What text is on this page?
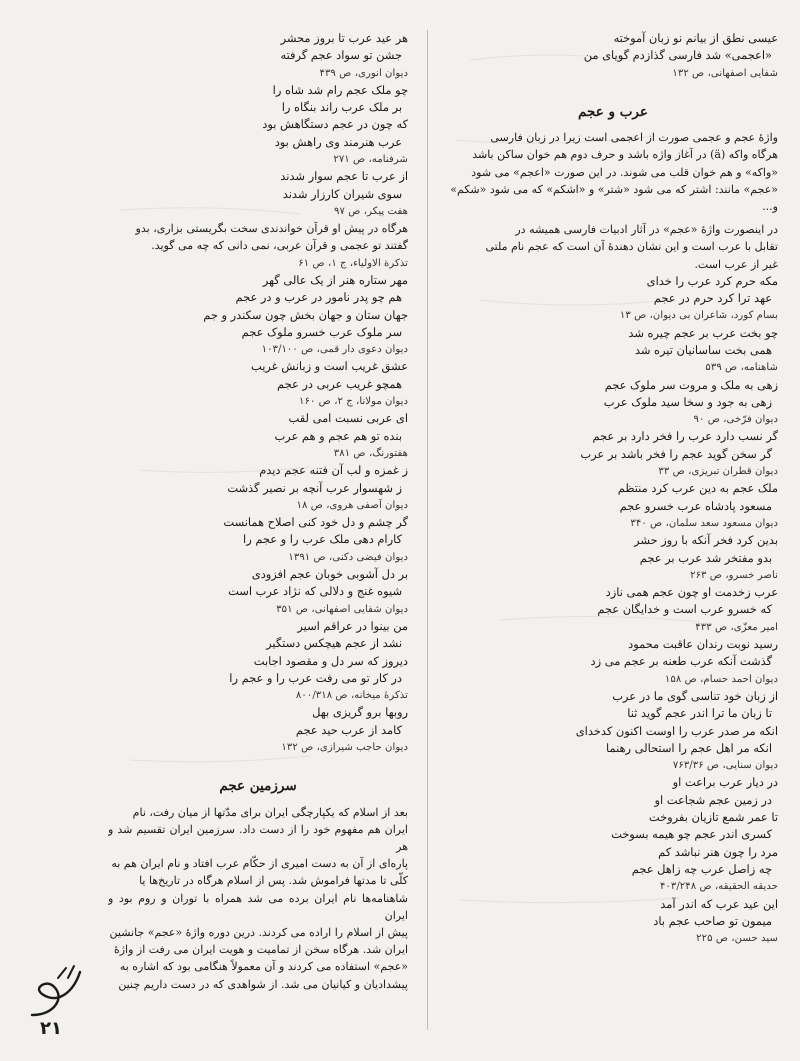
عیسی نطق از بیانم نو زبان آموخته
«اعجمی» شد فارسی گذازدم گویای من
شفایی اصفهانی، ص ۱۳۲
عرب و عجم
واژهٔ عجم و عجمی صورت از اعجمی است زیرا در زبان فارسی
هرگاه واکه (ä) در آغاز واژه باشد و حرف دوم هم خوان ساکن باشد
«واکه» و هم خوان قلب می شوند. در این صورت «اعجم» می شود
«عجم» مانند: اشتر که می شود «شتر» و «اشکم» که می شود «شکم»
و...
در اینصورت واژهٔ «عجم» در آثار ادبیات فارسی همیشه در
تقابل با عرب است و این نشان دهندهٔ آن است که عجم نام ملتی
غیر از عرب است.
مکه حرم کرد عرب را خدای
عهد ترا کرد حرم در عجم
بسام کورد، شاعران بی دیوان، ص ۱۳
چو بخت عرب بر عجم چیره شد
همی بخت ساسانیان تیره شد
شاهنامه، ص ۵۳۹
زهی به ملک و مروت سر ملوک عجم
زهی به جود و سخا سید ملوک عرب
دیوان فرّخی، ص ۹۰
گر نسب دارد عرب را فخر دارد بر عجم
گر سخن گوید عجم را فخر باشد بر عرب
دیوان قطران تبریزی، ص ۳۳
ملک عجم به دین عرب کرد منتظم
مسعود پادشاه عرب خسرو عجم
دیوان مسعود سعد سلمان، ص ۳۴۰
بدین کرد فخر آنکه با روز حشر
بدو مفتخر شد عرب بر عجم
ناصر خسرو، ص ۲۶۳
عرب زخدمت او چون عجم همی نازد
که خسرو عرب است و خدایگان عجم
امیر معزّی، ص ۴۳۳
رسید نوبت رندان عاقبت محمود
گذشت آنکه عرب طعنه بر عجم می زد
دیوان احمد حسام، ص ۱۵۸
از زبان خود تناسی گوی ما در عرب
تا زبان ما ترا اندر عجم گوید ثنا
انکه مر صدر عرب را اوست اکنون کدخدای
انکه مر اهل عجم را استحالی رهنما
دیوان سنایی، ص ۷۶۳/۳۶
در دیار عرب براعت او
در زمین عجم شجاعت او
تا عمر شمع تازیان بفروخت
کسری اندر عجم چو هیمه بسوخت
مرد را چون هنر نباشد کم
چه زاصل عرب چه زاهل عجم
حدیقه الحقیقه، ص ۴۰۳/۲۴۸
این عید عرب که اندر آمد
میمون تو صاحب عجم باد
سید حسن، ص ۲۲۵
هر عید عرب تا بروز محشر
جشن تو سواد عجم گرفته
دیوان انوری، ص ۴۳۹
چو ملک عجم رام شد شاه را
بر ملک عرب راند بنگاه را
که چون در عجم دستگاهش بود
عرب هنرمند وی راهش بود
شرفنامه، ص ۲۷۱
از عرب تا عجم سوار شدند
سوی شیران کارزار شدند
هفت پیکر، ص ۹۷
هرگاه در پیش او قرآن خواندندی سخت بگریستی بزاری، بدو
گفتند تو عجمی و قرآن عربی، نمی دانی که چه می گوید.
تذکرة الاولیاء، ج ۱، ص ۶۱
مهر ستاره هنر از یک عالی گهر
هم چو پدر نامور در عرب و در عجم
جهان ستان و جهان بخش چون سکندر و جم
سر ملوک عرب خسرو ملوک عجم
دیوان دعوی دار قمی، ص ۱۰۳/۱۰۰
عشق غریب است و زبانش غریب
همچو غریب عربی در عجم
دیوان مولانا، ج ۲، ص ۱۶۰
ای عربی نسبت امی لقب
بنده تو هم عجم و هم عرب
هفتورنگ، ص ۳۸۱
ز غمزه و لب آن فتنه عجم دیدم
ز شهسوار عرب آنچه بر نصیر گذشت
دیوان آصفی هروی، ص ۱۸
گر چشم و دل خود کنی اصلاح همانست
کارام دهی ملک عرب را و عجم را
دیوان فیضی دکنی، ص ۱۳۹۱
بر دل آشوبی خوبان عجم افزودی
شیوه غنج و دلالی که نژاد عرب است
دیوان شفایی اصفهانی، ص ۳۵۱
من بینوا در عراقم اسیر
نشد از عجم هیچکس دستگیر
دیروز که سر دل و مقصود اجابت
در کار تو می رفت عرب را و عجم را
تذکرهٔ میخانه، ص ۸۰۰/۳۱۸
روبها برو گریزی بهل
کامد از عرب حید عجم
دیوان حاجب شیرازی، ص ۱۳۲
سرزمین عجم
بعد از اسلام که یکپارچگی ایران برای مدّتها از میان رفت، نام
ایران هم مفهوم خود را از دست داد. سرزمین ایران تقسیم شد و هر
پاره‌ای از آن به دست امیری از حکّام عرب افتاد و نام ایران هم به
کلّی تا مدتها فراموش شد. پس از اسلام هرگاه در تاریخ‌ها یا
شاهنامه‌ها نام ایران برده می شد همراه با توران و روم بود و ایران
پیش از اسلام را اراده می کردند. درین دوره واژهٔ «عجم» جانشین
ایران شد. هرگاه سخن از تمامیت و هویت ایران می رفت از واژهٔ
«عجم» استفاده می کردند و آن معمولاً هنگامی بود که اشاره به
پیشدادیان و کیانیان می شد. از شواهدی که در دست داریم چنین
۲۱
